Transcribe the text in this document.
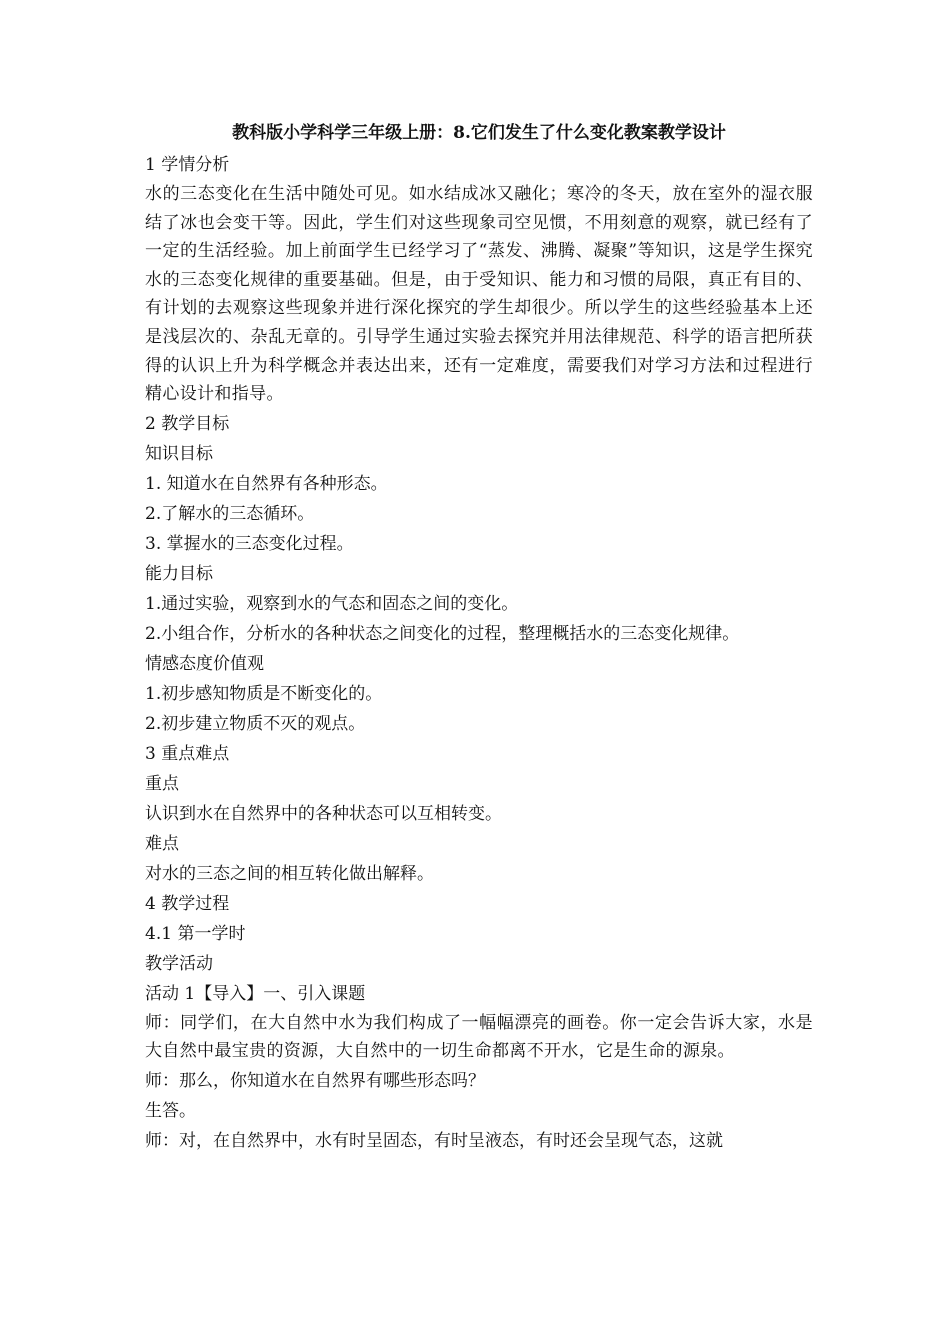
教科版小学科学三年级上册：8.它们发生了什么变化教案教学设计

1 学情分析

水的三态变化在生活中随处可见。如水结成冰又融化；寒冷的冬天，放在室外的湿衣服结了冰也会变干等。因此，学生们对这些现象司空见惯，不用刻意的观察，就已经有了一定的生活经验。加上前面学生已经学习了“蒸发、沸腾、凝聚”等知识，这是学生探究水的三态变化规律的重要基础。但是，由于受知识、能力和习惯的局限，真正有目的、有计划的去观察这些现象并进行深化探究的学生却很少。所以学生的这些经验基本上还是浅层次的、杂乱无章的。引导学生通过实验去探究并用法律规范、科学的语言把所获得的认识上升为科学概念并表达出来，还有一定难度，需要我们对学习方法和过程进行精心设计和指导。

2 教学目标

知识目标

1. 知道水在自然界有各种形态。

2.了解水的三态循环。

3. 掌握水的三态变化过程。

能力目标

1.通过实验，观察到水的气态和固态之间的变化。

2.小组合作，分析水的各种状态之间变化的过程，整理概括水的三态变化规律。

情感态度价值观

1.初步感知物质是不断变化的。

2.初步建立物质不灭的观点。

3 重点难点

重点

认识到水在自然界中的各种状态可以互相转变。

难点

对水的三态之间的相互转化做出解释。

4 教学过程

4.1 第一学时

教学活动

活动 1【导入】一、引入课题

师：同学们，在大自然中水为我们构成了一幅幅漂亮的画卷。你一定会告诉大家，水是大自然中最宝贵的资源，大自然中的一切生命都离不开水，它是生命的源泉。

师：那么，你知道水在自然界有哪些形态吗？

生答。

师：对，在自然界中，水有时呈固态，有时呈液态，有时还会呈现气态，这就
